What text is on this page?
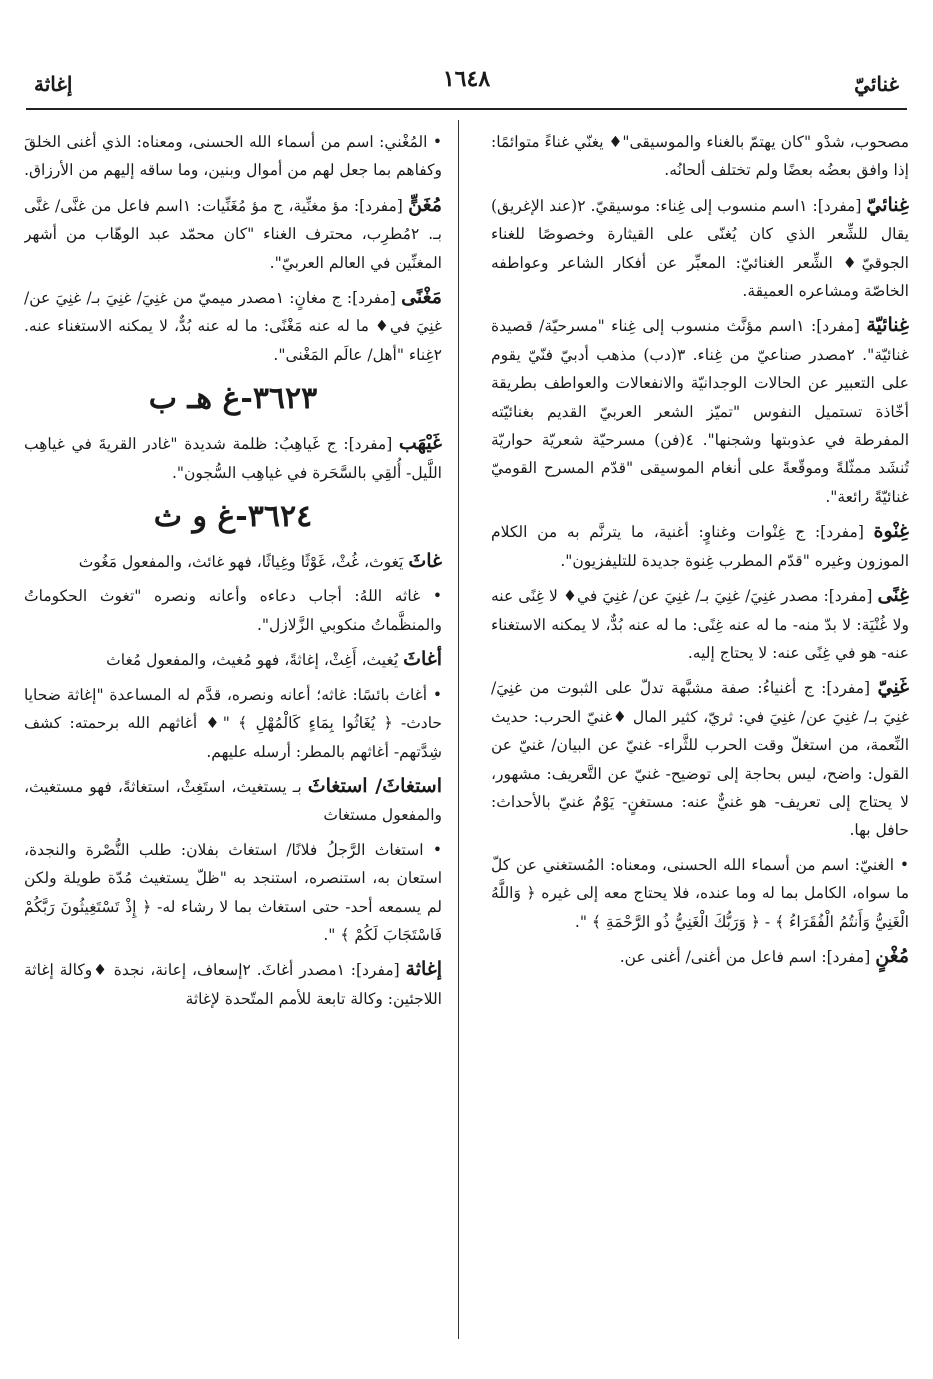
غنائيّ
١٦٤٨
إغاثة

مصحوب، شدْو "كان يهتمّ بالغناء والموسيقى"♦ يغنّي غناءً متوائمًا: إذا وافق بعضُه بعضًا ولم تختلف ألحانُه.

غِنائيّ [مفرد]: ١اسم منسوب إلى غِناء: موسيقيّ. ٢(عند الإغريق) يقال للشِّعر الذي كان يُغنّى على القيثارة وخصوصًا للغناء الجوقيّ♦ الشِّعر الغنائيّ: المعبِّر عن أفكار الشاعر وعواطفه الخاصّة ومشاعره العميقة.

غِنائيّة [مفرد]: ١اسم مؤنَّث منسوب إلى غِناء "مسرحيّة/ قصيدة غنائيّة". ٢مصدر صناعيّ من غِناء. ٣(دب) مذهب أدبيّ فنّيّ يقوم على التعبير عن الحالات الوجدانيّة والانفعالات والعواطف بطريقة أخّاذة تستميل النفوس "تميّز الشعر العربيّ القديم بغنائيّته المفرطة في عذوبتها وشجنها". ٤(فن) مسرحيّة شعريّة حواريّة تُنشَد ممثّلةً وموقّعةً على أنغام الموسيقى "قدّم المسرح القوميّ غنائيّةً رائعة".

غِنْوة [مفرد]: ج غِنْوات وغناوٍ: أغنية، ما يترنَّم به من الكلام الموزون وغيره "قدّم المطرب غِنوة جديدة للتليفزيون".

غِنًى [مفرد]: مصدر غنِيَ/ غنِيَ بـ/ غنِيَ عن/ غنِيَ في♦ لا غِنًى عنه ولا غُنْيَة: لا بدّ منه- ما له عنه غِنًى: ما له عنه بُدٌّ، لا يمكنه الاستغناء عنه- هو في غِنًى عنه: لا يحتاج إليه.

غَنِيّ [مفرد]: ج أغنياءُ: صفة مشبَّهة تدلّ على الثبوت من غنِيَ/ غنِيَ بـ/ غنِيَ عن/ غنِيَ في: ثريّ، كثير المال ♦غنيّ الحرب: حديث النِّعمة، من استغلّ وقت الحرب للثَّراء- غنيّ عن البيان/ غنيّ عن القول: واضح، ليس بحاجة إلى توضيح- غنيّ عن التَّعريف: مشهور، لا يحتاج إلى تعريف- هو غنيٌّ عنه: مستغنٍ- يَوْمٌ غنيّ بالأحداث: حافل بها.

• الغنيّ: اسم من أسماء الله الحسنى، ومعناه: المُستغني عن كلّ ما سواه، الكامل بما له وما عنده، فلا يحتاج معه إلى غيره ﴿ وَاللَّهُ الْغَنِيُّ وَأَنتُمُ الْفُقَرَاءُ ﴾ - ﴿ وَرَبُّكَ الْغَنِيُّ ذُو الرَّحْمَةِ ﴾ ".

مُغْنٍ [مفرد]: اسم فاعل من أغنى/ أغنى عن.

• المُغْني: اسم من أسماء الله الحسنى، ومعناه: الذي أغنى الخلقَ وكفاهم بما جعل لهم من أموال وبنين، وما ساقه إليهم من الأرزاق.

مُغَنٍّ [مفرد]: مؤ مغنِّية، ج مؤ مُغَنِّيات: ١اسم فاعل من غنَّى/ غنَّى بـ. ٢مُطرِب، محترف الغناء "كان محمّد عبد الوهّاب من أشهر المغنِّين في العالم العربيّ".

مَغْنًى [مفرد]: ج مغانٍ: ١مصدر ميميّ من غنِيَ/ غنِيَ بـ/ غنِيَ عن/ غنِيَ في♦ ما له عنه مَغْنًى: ما له عنه بُدٌّ، لا يمكنه الاستغناء عنه. ٢غِناء "أهل/ عالَم المَغْنى".

٣٦٢٣-غ هـ ب

غَيْهَب [مفرد]: ج غَياهِبُ: ظلمة شديدة "غادر القريةَ في غياهِب اللَّيل- أُلقِي بالسَّحَرة في غياهِب السُّجون".

٣٦٢٤-غ و ث

غاثَ يَغوث، غُثْ، غَوْثًا وغِياثًا، فهو غائث، والمفعول مَغُوث

• غاثه اللهُ: أجاب دعاءه وأعانه ونصره "تغوث الحكوماتُ والمنظَّماتُ منكوبي الزَّلازل".

أغاثَ يُغيث، أَغِثْ، إغاثةً، فهو مُغيث، والمفعول مُغاث

• أغاث بائسًا: غاثه؛ أعانه ونصره، قدَّم له المساعدة "إغاثة ضحايا حادث- ﴿ يُغَاثُوا بِمَاءٍ كَالْمُهْلِ ﴾ "♦ أغاثهم الله برحمته: كشف شِدَّتهم- أغاثهم بالمطر: أرسله عليهم.

استغاثَ/ استغاثَ بـ يستغيث، استَغِثْ، استغاثةً، فهو مستغيث، والمفعول مستغاث

• استغاث الرَّجلُ فلانًا/ استغاث بفلان: طلب النُّصْرة والنجدة، استعان به، استنصره، استنجد به "ظلّ يستغيث مُدّة طويلة ولكن لم يسمعه أحد- حتى استغاث بما لا رشاء له- ﴿ إِذْ تَسْتَغِيثُونَ رَبَّكُمْ فَاسْتَجَابَ لَكُمْ ﴾ ".

إغاثة [مفرد]: ١مصدر أغاثَ. ٢إسعاف، إعانة، نجدة ♦وكالة إغاثة اللاجئين: وكالة تابعة للأمم المتّحدة لإغاثة
